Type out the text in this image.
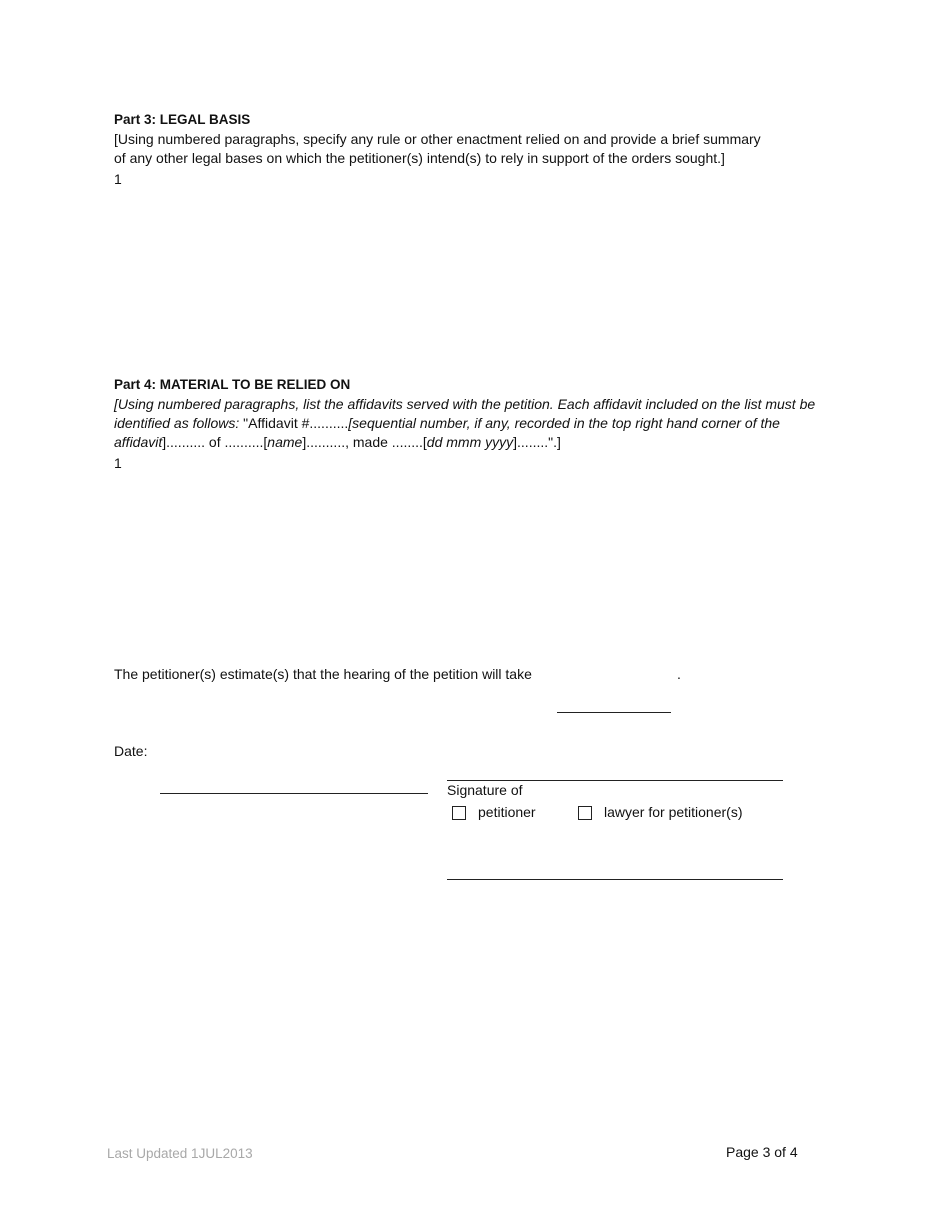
Part 3: LEGAL BASIS
[Using numbered paragraphs, specify any rule or other enactment relied on and provide a brief summary
of any other legal bases on which the petitioner(s) intend(s) to rely in support of the orders sought.]
1
Part 4: MATERIAL TO BE RELIED ON
[Using numbered paragraphs, list the affidavits served with the petition. Each affidavit included on the list must be
identified as follows: "Affidavit #..........[sequential number, if any, recorded in the top right hand corner of the
affidavit].......... of ..........[name].........., made ........[dd mmm yyyy]........".]
1
The petitioner(s) estimate(s) that the hearing of the petition will take	.
Date:
Signature of
petitioner	lawyer for petitioner(s)
Last Updated 1JUL2013	Page 3 of 4
